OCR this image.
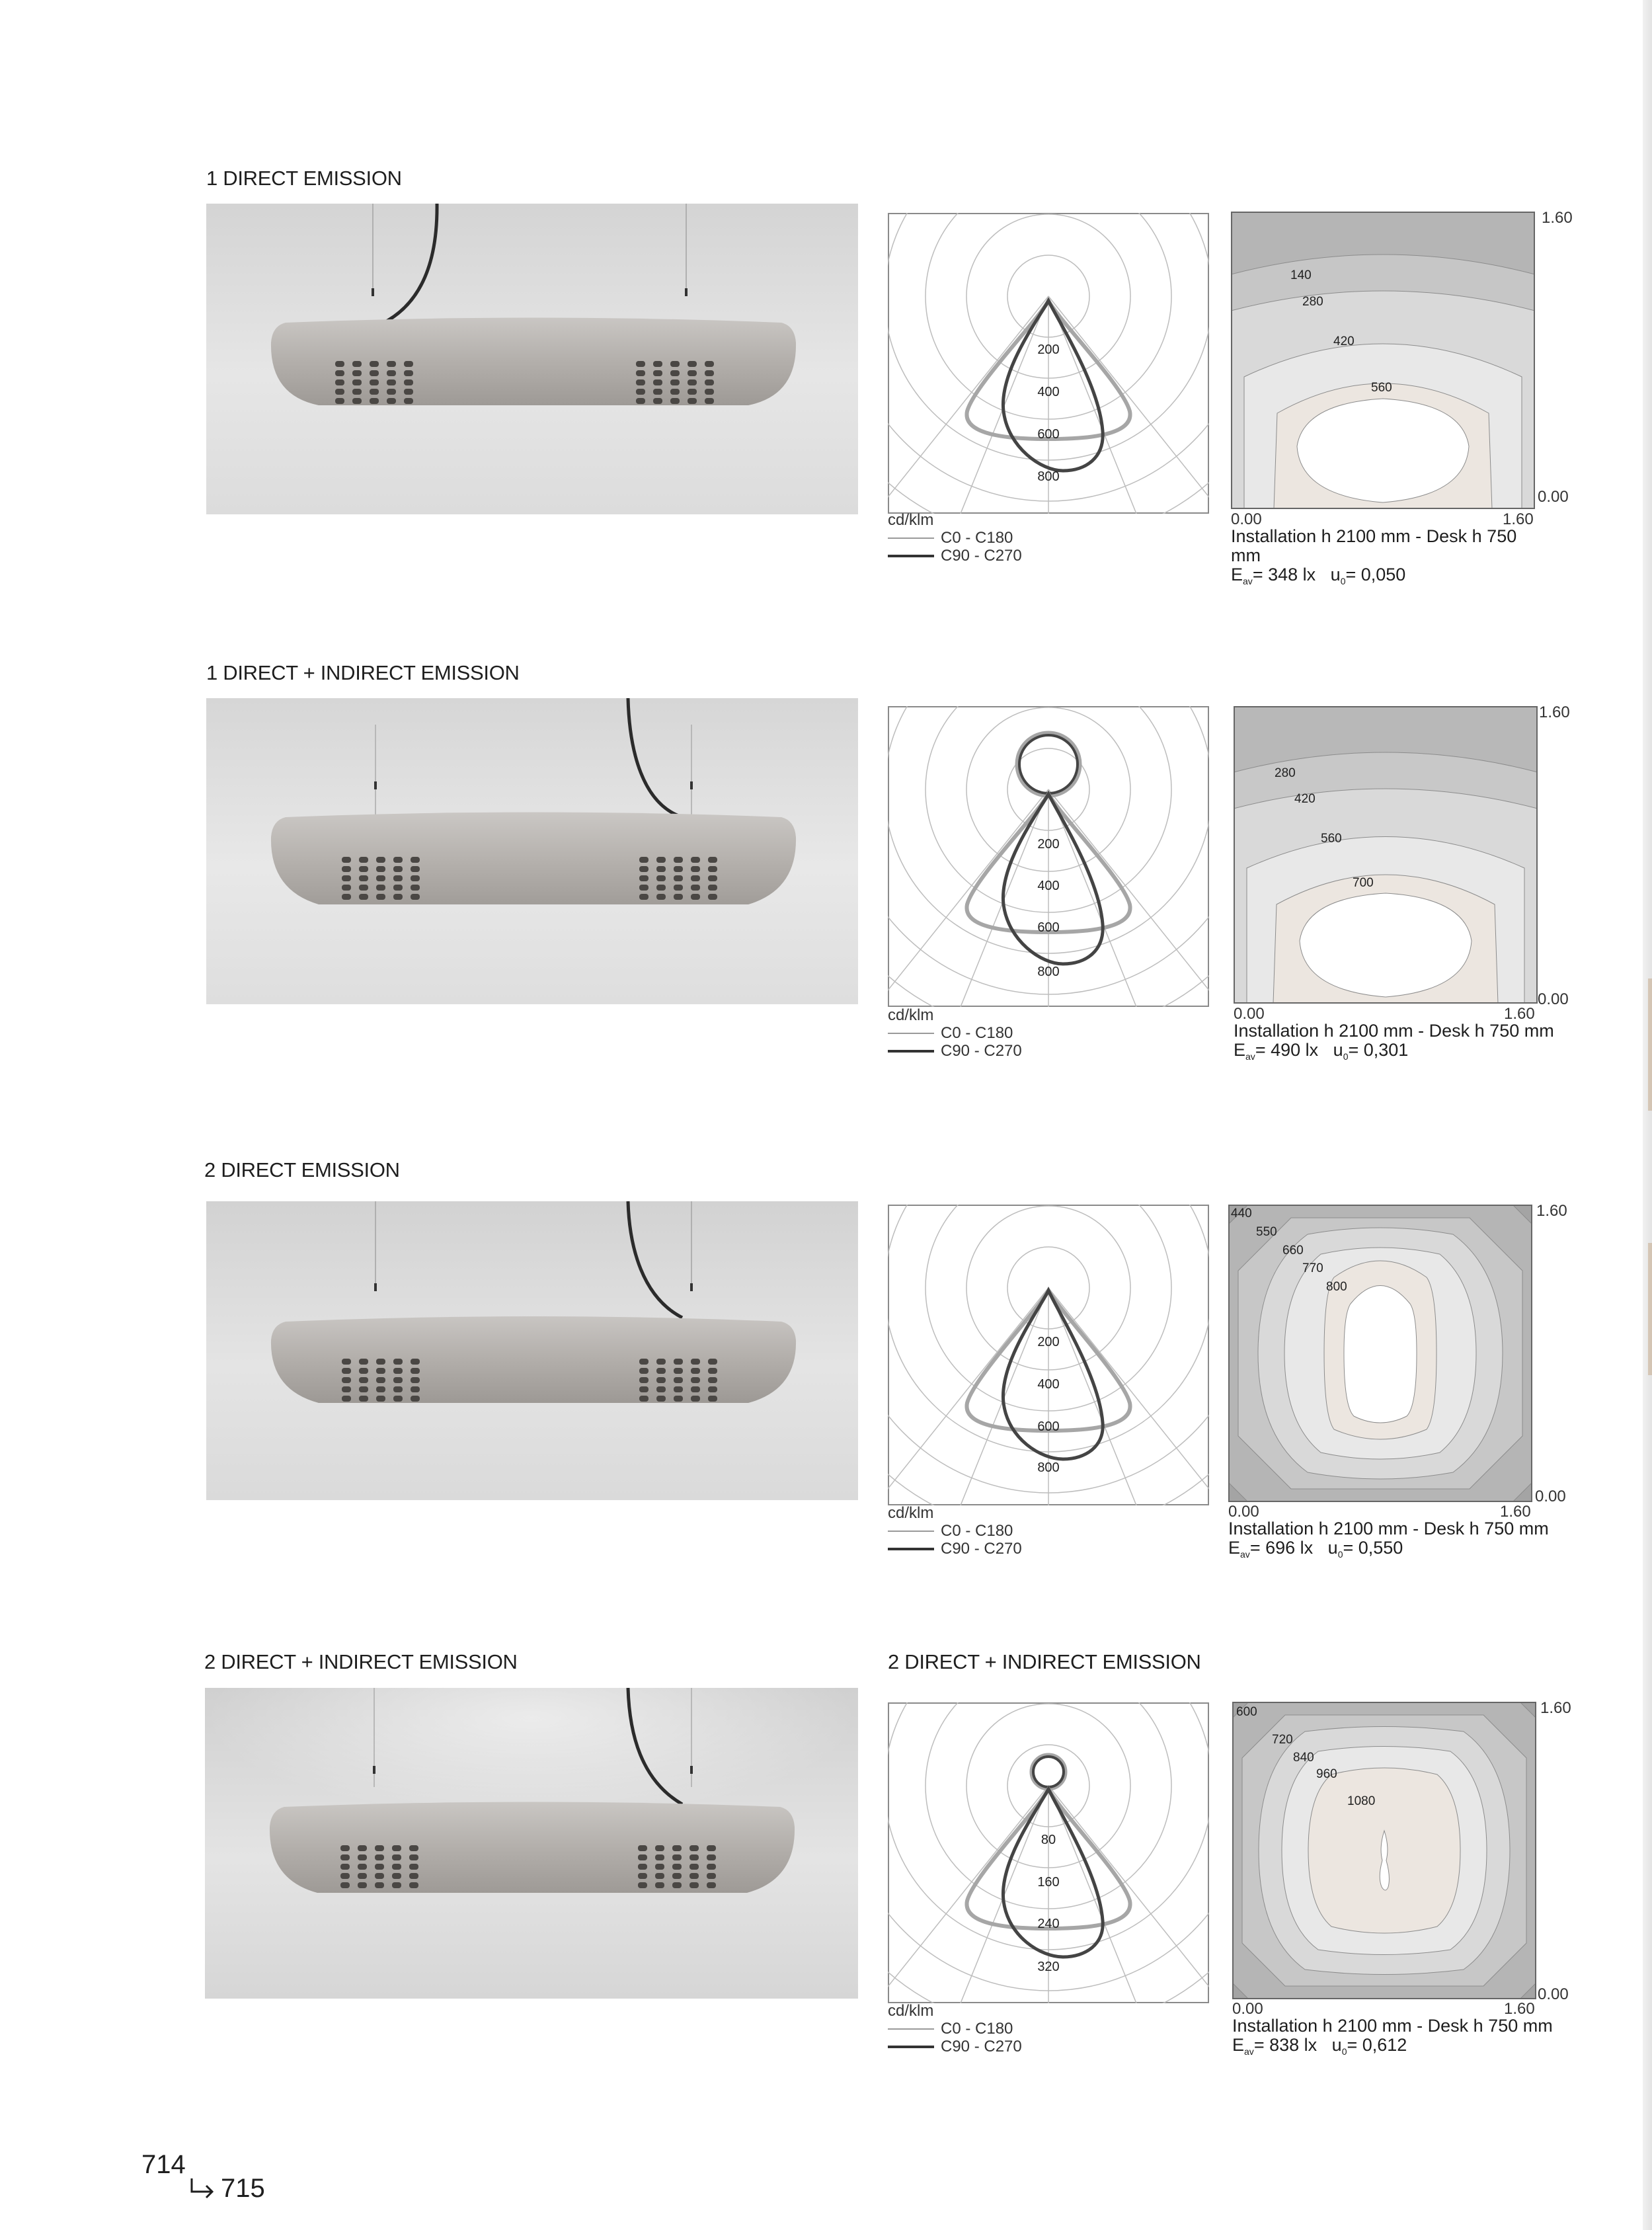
1 DIRECT EMISSION
200
400
600
800
cd/klm
C0 - C180
C90 - C270
140
280
420
560
1.60
0.00
0.00	1.60
Installation h 2100 mm - Desk h 750 mm
$E_{av}= 348$ lx $u_0= 0,050$
1 DIRECT + INDIRECT EMISSION
200
400
600
800
cd/klm
C0 - C180
C90 - C270
280
420
560
700
1.60
0.00
0.00	1.60
Installation h 2100 mm - Desk h 750 mm
$E_{av}= 490$ lx $u_0= 0,301$
2 DIRECT EMISSION
200
400
600
800
cd/klm
C0 - C180
C90 - C270
440
550
660
770
800
1.60
0.00
0.00	1.60
Installation h 2100 mm - Desk h 750 mm
$E_{av}= 696$ lx $u_0= 0,550$
2 DIRECT + INDIRECT EMISSION	2 DIRECT + INDIRECT EMISSION
80
160
240
320
cd/klm
C0 - C180
C90 - C270
600
720
840
960
1080
1.60
0.00
0.00	1.60
Installation h 2100 mm - Desk h 750 mm
$E_{av}= 838$ lx $u_0= 0,612$
714
715
